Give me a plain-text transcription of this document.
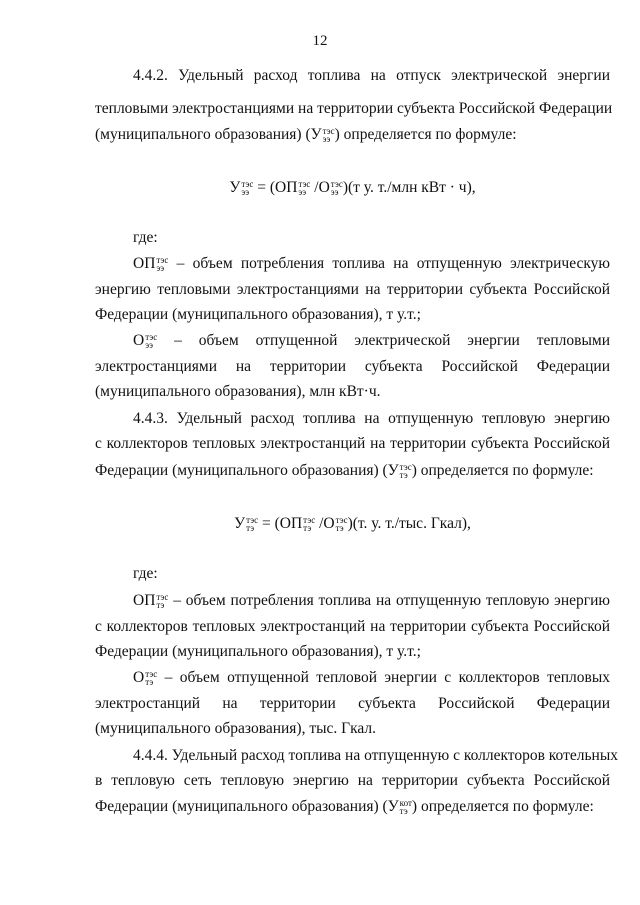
12
4.4.2. Удельный расход топлива на отпуск электрической энергии
тепловыми электростанциями на территории субъекта Российской Федерации
(муниципального образования) (У тэс
ээ ) определяется по формуле:
У тэс
ээ = (ОП тэс
ээ /О тэс
ээ )(т у. т./млн кВт · ч),
где:
ОП тэс
ээ – объем потребления топлива на отпущенную электрическую
энергию тепловыми электростанциями на территории субъекта Российской
Федерации (муниципального образования), т у.т.;
О тэс
ээ – объем отпущенной электрической энергии тепловыми
электростанциями на территории субъекта Российской Федерации
(муниципального образования), млн кВт·ч.
4.4.3. Удельный расход топлива на отпущенную тепловую энергию
с коллекторов тепловых электростанций на территории субъекта Российской
Федерации (муниципального образования) (У тэс
тэ ) определяется по формуле:
У тэс
тэ = (ОП тэс
тэ /О тэс
тэ )(т. у. т./тыс. Гкал),
где:
ОП тэс
тэ – объем потребления топлива на отпущенную тепловую энергию
с коллекторов тепловых электростанций на территории субъекта Российской
Федерации (муниципального образования), т у.т.;
О тэс
тэ – объем отпущенной тепловой энергии с коллекторов тепловых
электростанций на территории субъекта Российской Федерации
(муниципального образования), тыс. Гкал.
4.4.4. Удельный расход топлива на отпущенную с коллекторов котельных
в тепловую сеть тепловую энергию на территории субъекта Российской
Федерации (муниципального образования) (У кот
тэ ) определяется по формуле:
